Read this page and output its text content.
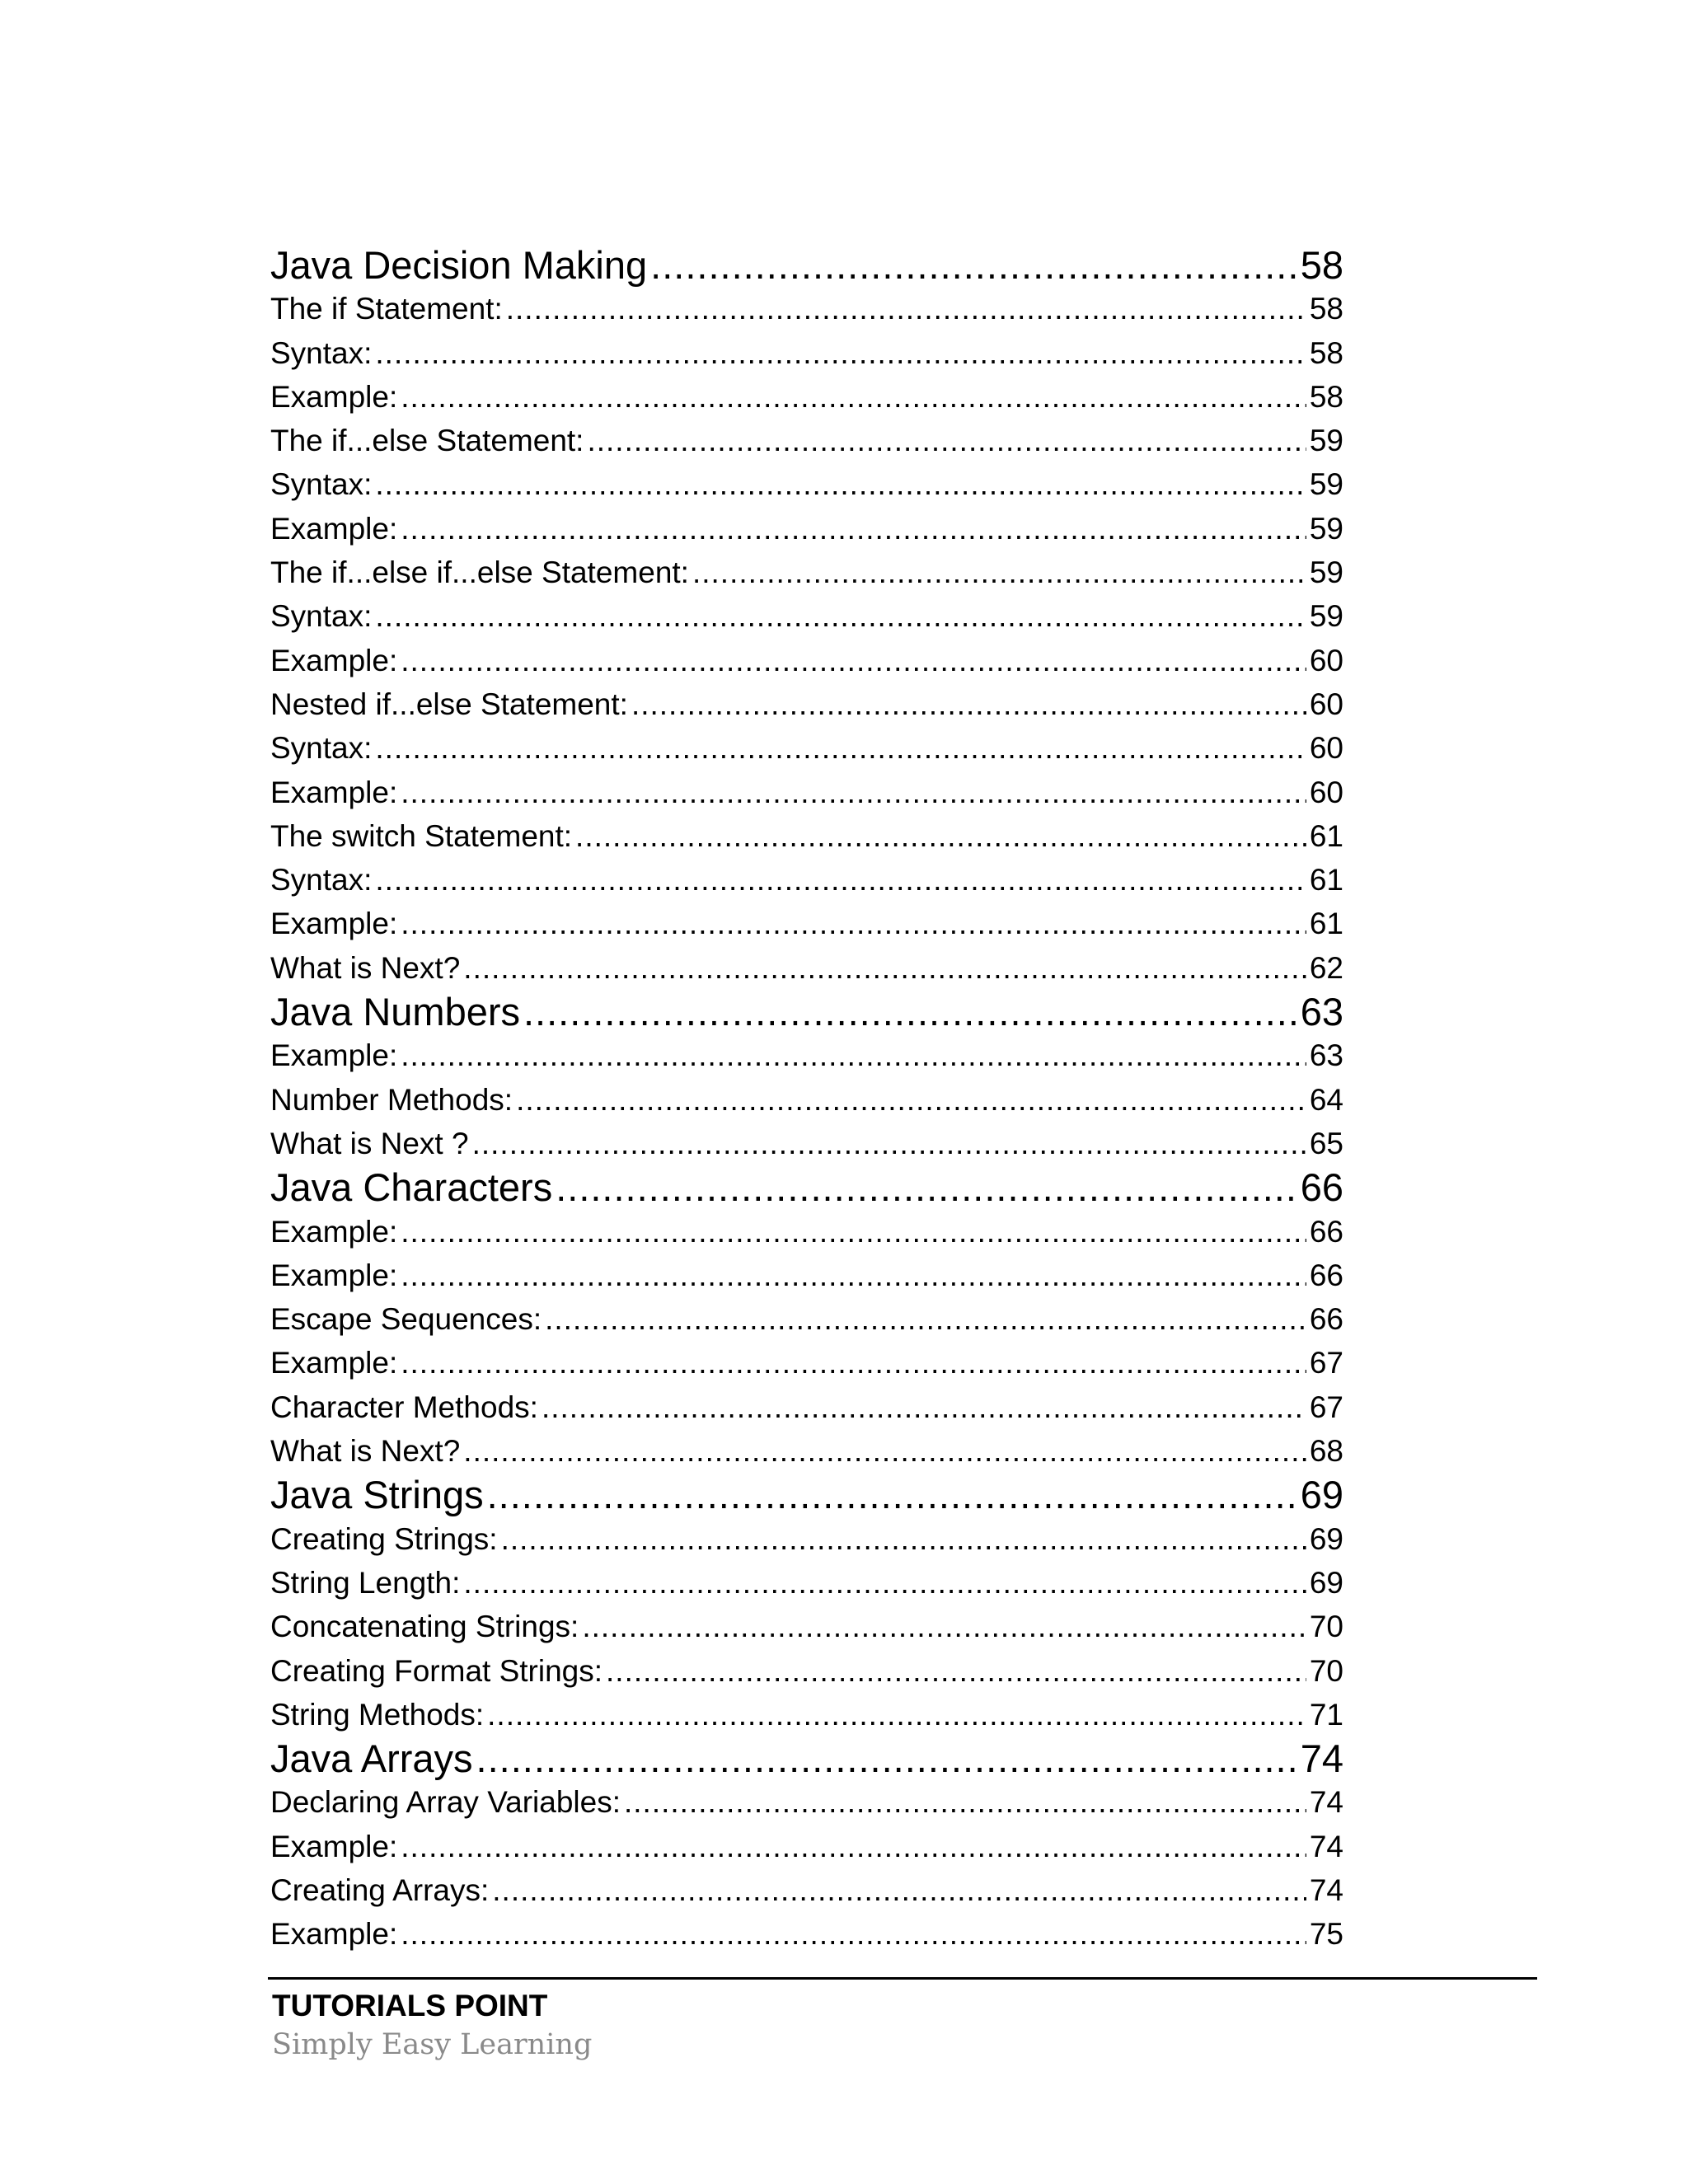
Java Decision Making .....	58
The if Statement: .....	58
Syntax: .....	58
Example: .....	58
The if...else Statement: .....	59
Syntax: .....	59
Example: .....	59
The if...else if...else Statement: .....	59
Syntax: .....	59
Example: .....	60
Nested if...else Statement: .....	60
Syntax: .....	60
Example: .....	60
The switch Statement: .....	61
Syntax: .....	61
Example: .....	61
What is Next? .....	62
Java Numbers .....	63
Example: .....	63
Number Methods: .....	64
What is Next ? .....	65
Java Characters .....	66
Example: .....	66
Example: .....	66
Escape Sequences: .....	66
Example: .....	67
Character Methods: .....	67
What is Next? .....	68
Java Strings .....	69
Creating Strings: .....	69
String Length: .....	69
Concatenating Strings: .....	70
Creating Format Strings: .....	70
String Methods: .....	71
Java Arrays .....	74
Declaring Array Variables: .....	74
Example: .....	74
Creating Arrays: .....	74
Example: .....	75
TUTORIALS POINT
Simply Easy Learning
